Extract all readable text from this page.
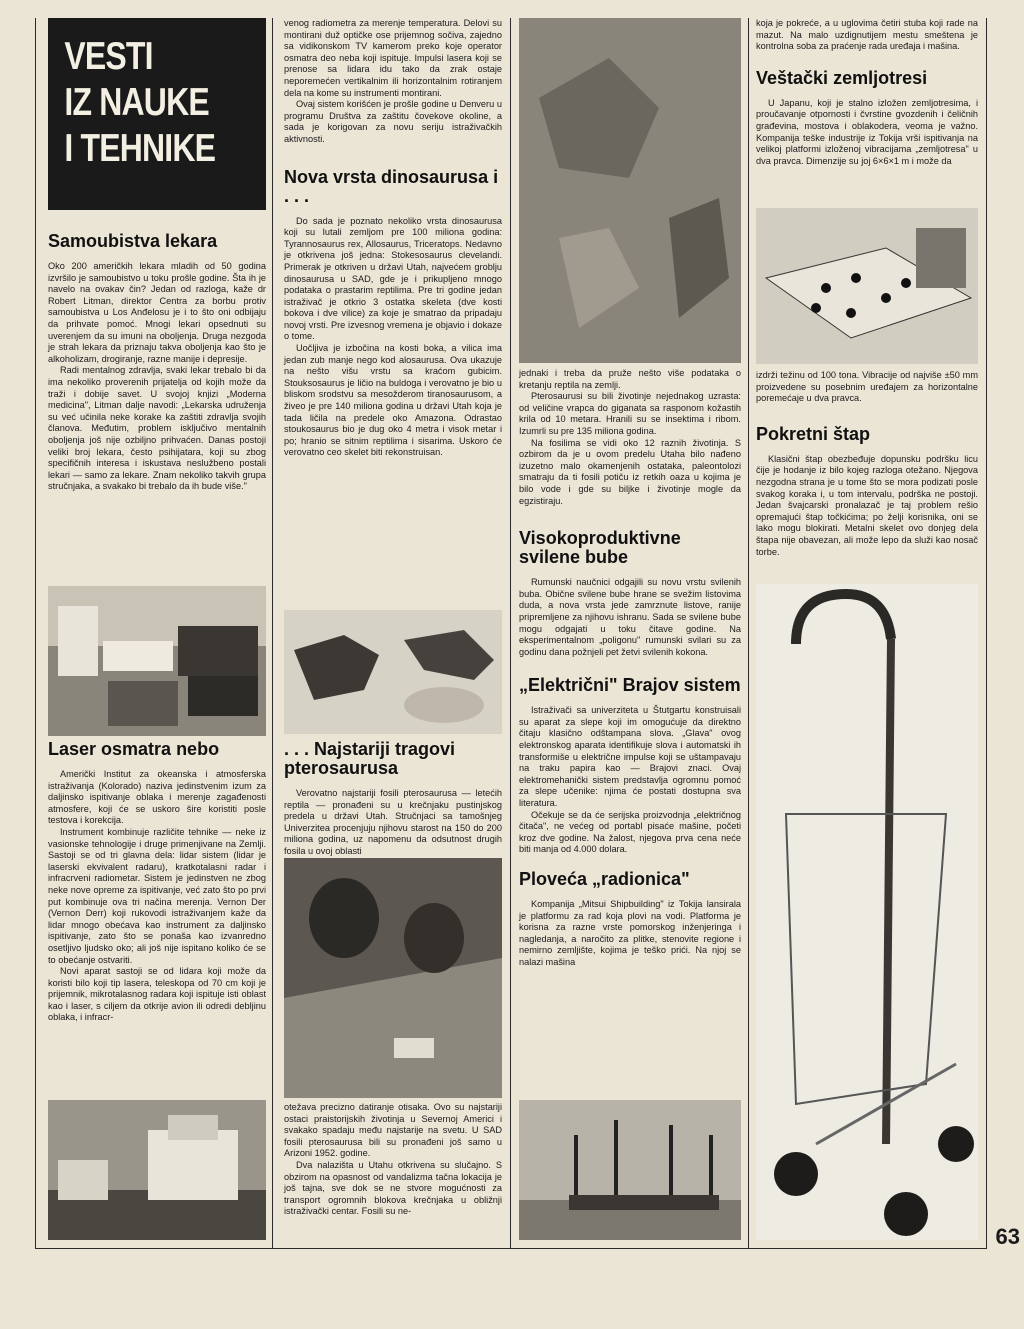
VESTI
IZ NAUKE
I TEHNIKE
Samoubistva lekara

Oko 200 američkih lekara mladih od 50 godina izvršilo je samoubistvo u toku prošle godine. Šta ih je navelo na ovakav čin? Jedan od razloga, kaže dr Robert Litman, direktor Centra za borbu protiv samoubistva u Los Anđelosu je i to što oni odbijaju da prihvate pomoć. Mnogi lekari opsednuti su uverenjem da su imuni na oboljenja. Druga nezgoda je strah lekara da priznaju takva oboljenja kao što je alkoholizam, drogiranje, razne manije i depresije.

Radi mentalnog zdravlja, svaki lekar trebalo bi da ima nekoliko proverenih prijatelja od kojih može da traži i dobije savet. U svojoj knjizi „Moderna medicina", Litman dalje navodi: „Lekarska udruženja su već učinila neke korake ka zaštiti zdravlja svojih članova. Međutim, problem isključivo mentalnih oboljenja još nije ozbiljno prihvaćen. Danas postoji veliki broj lekara, često psihijatara, koji su zbog specifičnih interesa i iskustava neslužbeno postali lekari — samo za lekare. Znam nekoliko takvih grupa stručnjaka, a svakako bi trebalo da ih bude više."

Laser osmatra nebo

Američki Institut za okeanska i atmosferska istraživanja (Kolorado) naziva jedinstvenim izum za daljinsko ispitivanje oblaka i merenje zagađenosti atmosfere, koji će se uskoro širе koristiti posle testova i korekcija.

Instrument kombinuje različite tehnike — neke iz vasionske tehnologije i druge primenjivane na Zemlji. Sastoji se od tri glavna dela: lidar sistem (lidar je laserski ekvivalent radaru), kratkotalasni radar i infracrveni radiometar. Sistem je jedinstven ne zbog neke nove opreme za ispitivanje, već zato što po prvi put kombinuje ova tri načina merenja. Vernon Der (Vernon Derr) koji rukovodi istraživanjem kaže da lidar mnogo obećava kao instrument za daljinsko ispitivanje, zato što se ponaša kao izvanredno osetljivo ljudsko oko; ali još nije ispitano koliko će se to obećanje ostvariti.

Novi aparat sastoji se od lidara koji može da koristi bilo koji tip lasera, teleskopa od 70 cm koji je prijemnik, mikrotalasnog radara koji ispituje isti oblast kao i laser, s ciljem da otkrije avion ili odredi debljinu oblaka, i infracr-

venog radiometra za merenje temperatura. Delovi su montirani duž optičke ose prijemnog sočiva, zajedno sa vidikonskom TV kamerom preko koje operator osmatra deo neba koji ispituje. Impulsi lasera koji se prenose sa lidara idu tako da zrak ostaje neporemećen vertikalnim ili horizontalnim rotiranjem dela na kome su instrumenti montirani.

Ovaj sistem korišćen je prošle godine u Denveru u programu Društva za zaštitu čovekove okoline, a sada je korigovan za novu seriju istraživačkih aktivnosti.

Nova vrsta dinosaurusa i . . .

Do sada je poznato nekoliko vrsta dinosaurusa koji su lutali zemljom pre 100 miliona godina: Tyrannosaurus rex, Allosaurus, Triceratops. Nedavno je otkrivena još jedna: Stokesosaurus clevelandi. Primerak je otkriven u državi Utah, najvećem groblju dinosaurusa u SAD, gde je i prikupljeno mnogo podataka o prastarim reptilima. Pre tri godine jedan istraživač je otkrio 3 ostatka skeleta (dve kosti bokova i dve vilice) za koje je smatrao da pripadaju novoj vrsti. Pre izvesnog vremena je objavio i dokaze o tome.

Uočljiva je izbočina na kosti boka, a vilica ima jedan zub manje nego kod alosaurusa. Ova ukazuje na nešto višu vrstu sa kraćom gubicim. Stouksosaurus je ličio na buldoga i verovatno je bio u bliskom srodstvu sa mesožderom tiranosaurusom, a živeo je pre 140 miliona godina u državi Utah koja je tada ličila na predele oko Amazona. Odrastao stoukosaurus bio je dug oko 4 metra i visok metar i po; hranio se sitnim reptilima i sisarima. Uskoro će verovatno ceo skelet biti rekonstruisan.

. . . Najstariji tragovi pterosaurusa

Verovatno najstariji fosili pterosaurusa — letećih reptila — pronađeni su u krečnjaku pustinjskog predela u državi Utah. Stručnjaci sa tamošnjeg Univerzitea procenjuju njihovu starost na 150 do 200 miliona godina, uz napomenu da odsutnost drugih fosila u ovoj oblasti

otežava precizno datiranje otisaka. Ovo su najstariji ostaci praistorijskih životinja u Severnoj Americi i svakako spadaju među najstarije na svetu. U SAD fosili pterosaurusa bili su pronađeni još samo u Arizoni 1952. godine.

Dva nalazišta u Utahu otkrivena su slučajno. S obzirom na opasnost od vandalizma tačna lokacija je još tajna, sve dok se ne stvore mogućnosti za transport ogromnih blokova krečnjaka u obližnji istraživački centar. Fosili su ne-

jednaki i treba da pruže nešto više podataka o kretanju reptila na zemlji.

Pterosaurusi su bili životinje nejednakog uzrasta: od veličine vrapca do giganata sa rasponom kožastih krila od 10 metara. Hranili su se insektima i ribom. Izumrli su pre 135 miliona godina.

Na fosilima se vidi oko 12 raznih životinja. S ozbirom da je u ovom predelu Utaha bilo nađeno izuzetno malo okamenjenih ostataka, paleontolozi smatraju da ti fosili potiču iz retkih oaza u kojima je bilo vode i gde su biljke i životinje mogle da egzistiraju.

Visokoproduktivne svilene bube

Rumunski naučnici odgajili su novu vrstu svilenih buba. Obične svilene bube hrane se svežim listovima duda, a nova vrsta jede zamrznute listove, ranije pripremljene za njihovu ishranu. Sada se svilene bube mogu odgajati u toku čitave godine. Na eksperimentalnom „poligonu" rumunski svilari su za godinu dana požnjeli pet žetvi svilenih kokona.

„Električni" Brajov sistem

Istraživači sa univerziteta u Štutgartu konstruisali su aparat za slepe koji im omogućuje da direktno čitaju klasično odštampana slova. „Glava" ovog elektronskog aparata identifikuje slova i automatski ih transformiše u električne impulse koji se uštampavaju na traku papira kao — Brajovi znaci. Ovaj elektromehanički sistem predstavlja ogromnu pomoć za slepe učenike: njima će postati dostupna sva literatura.

Očekuje se da će serijska proizvodnja „električnog čitača", ne većeg od portabl pisaće mašine, početi kroz dve godine. Na žalost, njegova prva cena neće biti manja od 4.000 dolara.

Ploveća „radionica"

Kompanija „Mitsui Shipbuilding" iz Tokija lansirala je platformu za rad koja plovi na vodi. Platforma je korisna za razne vrste pomorskog inženjeringa i nagledanja, a naročito za plitke, stenovite regione i nemirno zemljište, kojima je teško prići. Na njoj se nalazi mašina

koja je pokreće, a u uglovima četiri stuba koji rade na mazut. Na malo uzdignutijem mestu smeštena je kontrolna soba za praćenje rada uređaja i mašina.

Veštački zemljotresi

U Japanu, koji je stalno izložen zemljotresima, i proučavanje otpornosti i čvrstine gvozdenih i čeličnih građevina, mostova i oblakodera, veoma je važno. Kompanija teške industrije iz Tokija vrši ispitivanja na velikoj platformi izloženoj vibracijama „zemljotresa" u dva pravca. Dimenzije su joj 6×6×1 m i može da

izdrži težinu od 100 tona. Vibracije od najviše ±50 mm proizvedene su posebnim uređajem za horizontalne poremećaje u dva pravca.

Pokretni štap

Klasični štap obezbeđuje dopunsku podršku licu čije je hodanje iz bilo kojeg razloga otežano. Njegova nezgodna strana je u tome što se mora podizati posle svakog koraka i, u tom intervalu, podrška ne postoji. Jedan švajcarski pronalazač je taj problem rešio opremajući štap točkićima; po želji korisnika, oni se lako mogu blokirati. Metalni skelet ovo donjeg dela štapa nije obavezan, ali može lepo da služi kao nosač torbe.

63
